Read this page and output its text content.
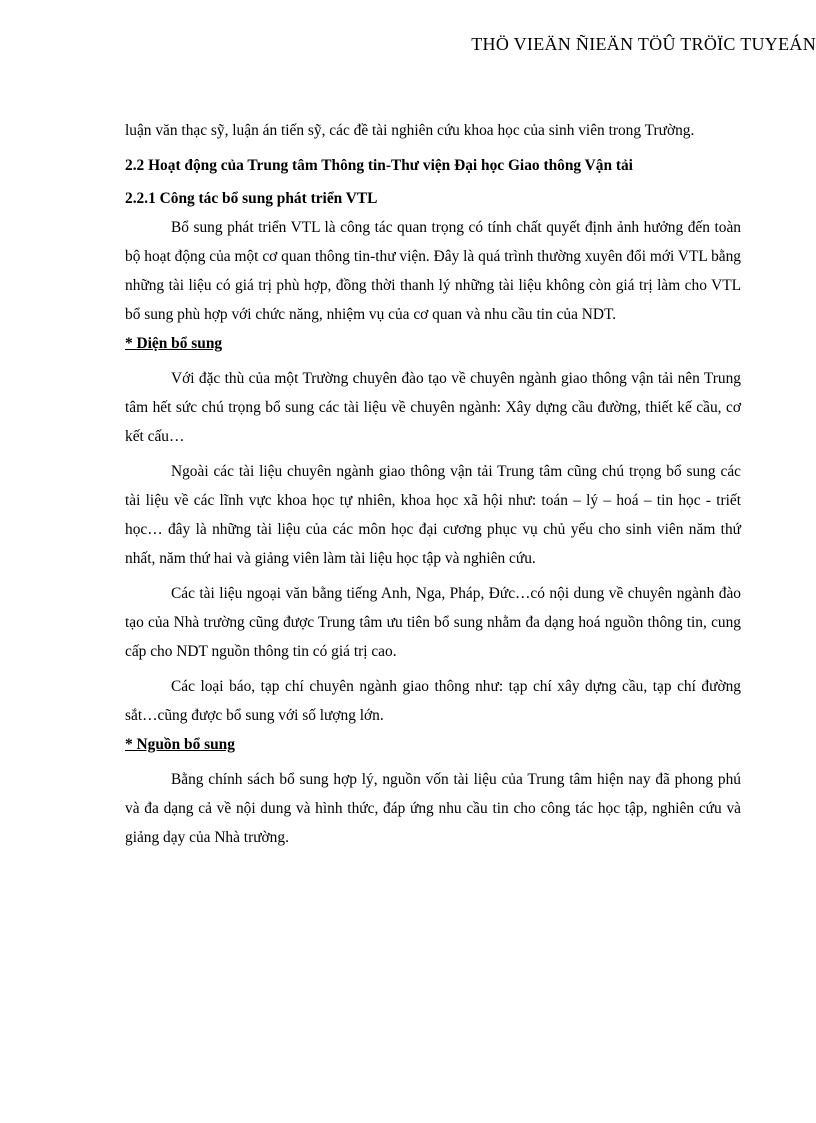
THÖ VIEÄN ÑIEÄN TÖÛ TRÖÏC TUYEÁN

luận văn thạc sỹ, luận án tiến sỹ, các đề tài nghiên cứu khoa học của sinh viên trong Trường.

2.2 Hoạt động của Trung tâm Thông tin-Thư viện Đại học Giao thông Vận tải

2.2.1 Công tác bổ sung phát triển VTL

Bổ sung phát triển VTL là công tác quan trọng có tính chất quyết định ảnh hưởng đến toàn bộ hoạt động của một cơ quan thông tin-thư viện. Đây là quá trình thường xuyên đổi mới VTL bằng những tài liệu có giá trị phù hợp, đồng thời thanh lý những tài liệu không còn giá trị làm cho VTL bổ sung phù hợp với chức năng, nhiệm vụ của cơ quan và nhu cầu tin của NDT.

* Diện bổ sung

Với đặc thù của một Trường chuyên đào tạo về chuyên ngành giao thông vận tải nên Trung tâm hết sức chú trọng bổ sung các tài liệu về chuyên ngành: Xây dựng cầu đường, thiết kế cầu, cơ kết cấu…

Ngoài các tài liệu chuyên ngành giao thông vận tải Trung tâm cũng chú trọng bổ sung các tài liệu về các lĩnh vực khoa học tự nhiên, khoa học xã hội như: toán – lý – hoá – tin học - triết học… đây là những tài liệu của các môn học đại cương phục vụ chủ yếu cho sinh viên năm thứ nhất, năm thứ hai và giảng viên làm tài liệu học tập và nghiên cứu.

Các tài liệu ngoại văn bằng tiếng Anh, Nga, Pháp, Đức…có nội dung về chuyên ngành đào tạo của Nhà trường cũng được Trung tâm ưu tiên bổ sung nhằm đa dạng hoá nguồn thông tin, cung cấp cho NDT nguồn thông tin có giá trị cao.

Các loại báo, tạp chí chuyên ngành giao thông như: tạp chí xây dựng cầu, tạp chí đường sắt…cũng được bổ sung với số lượng lớn.

* Nguồn bổ sung

Bằng chính sách bổ sung hợp lý, nguồn vốn tài liệu của Trung tâm hiện nay đã phong phú và đa dạng cả về nội dung và hình thức, đáp ứng nhu cầu tin cho công tác học tập, nghiên cứu và giảng dạy của Nhà trường.
